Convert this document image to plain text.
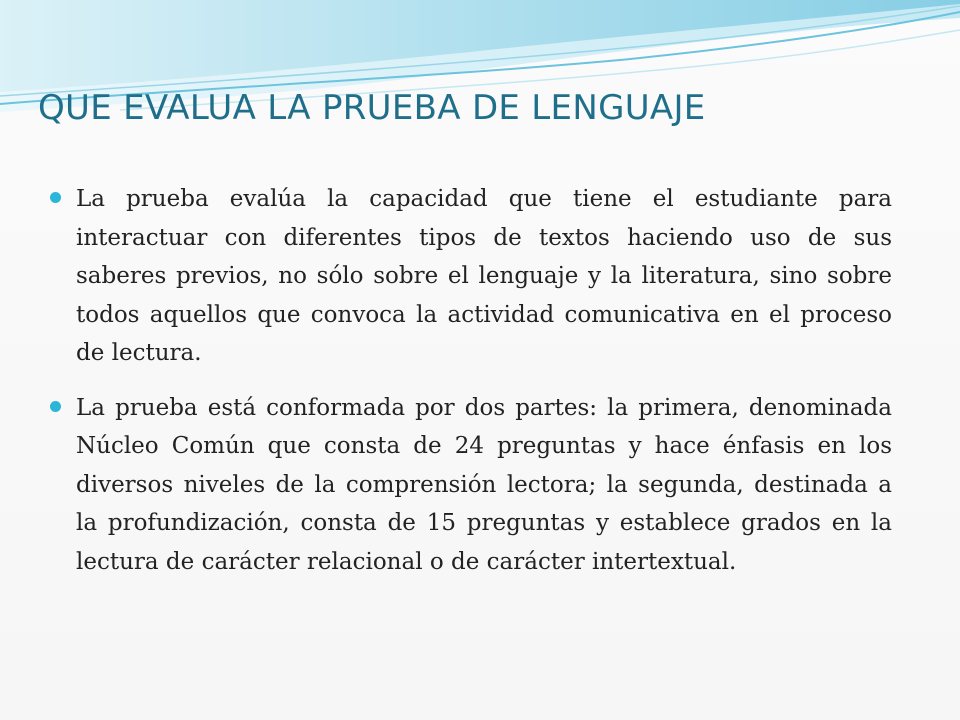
QUE EVALUA LA PRUEBA DE LENGUAJE
La prueba evalúa la capacidad que tiene el estudiante para interactuar con diferentes tipos de textos haciendo uso de sus saberes previos, no sólo sobre el lenguaje y la literatura, sino sobre todos aquellos que convoca la actividad comunicativa en el proceso de lectura.
La prueba está conformada por dos partes: la primera, denominada Núcleo Común que consta de 24 preguntas y hace énfasis en los diversos niveles de la comprensión lectora; la segunda, destinada a la profundización, consta de 15 preguntas y establece grados en la lectura de carácter relacional o de carácter intertextual.
